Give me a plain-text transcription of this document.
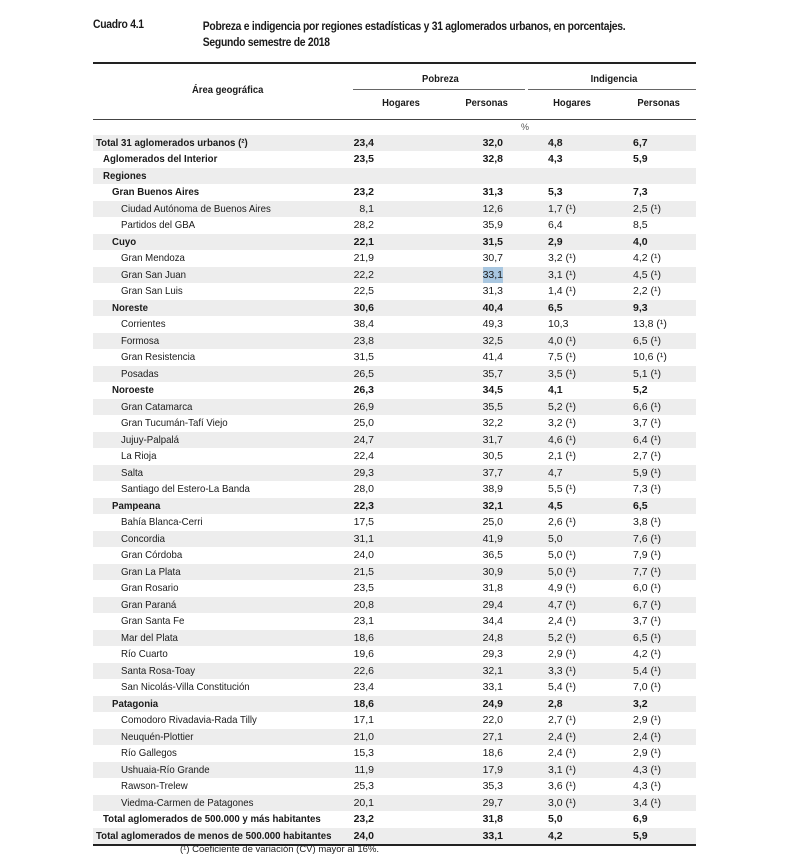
Cuadro 4.1	Pobreza e indigencia por regiones estadísticas y 31 aglomerados urbanos, en porcentajes.
Segundo semestre de 2018
Área geográfica
Pobreza	Indigencia
Hogares	Personas	Hogares	Personas
%
Total 31 aglomerados urbanos (²)	23,4	32,0	4,8	6,7
Aglomerados del Interior	23,5	32,8	4,3	5,9
Regiones
Gran Buenos Aires	23,2	31,3	5,3	7,3
Ciudad Autónoma de Buenos Aires	8,1	12,6	1,7 (¹)	2,5 (¹)
Partidos del GBA	28,2	35,9	6,4	8,5
Cuyo	22,1	31,5	2,9	4,0
Gran Mendoza	21,9	30,7	3,2 (¹)	4,2 (¹)
Gran San Juan	22,2	33,1	3,1 (¹)	4,5 (¹)
Gran San Luis	22,5	31,3	1,4 (¹)	2,2 (¹)
Noreste	30,6	40,4	6,5	9,3
Corrientes	38,4	49,3	10,3	13,8 (¹)
Formosa	23,8	32,5	4,0 (¹)	6,5 (¹)
Gran Resistencia	31,5	41,4	7,5 (¹)	10,6 (¹)
Posadas	26,5	35,7	3,5 (¹)	5,1 (¹)
Noroeste	26,3	34,5	4,1	5,2
Gran Catamarca	26,9	35,5	5,2 (¹)	6,6 (¹)
Gran Tucumán-Tafí Viejo	25,0	32,2	3,2 (¹)	3,7 (¹)
Jujuy-Palpalá	24,7	31,7	4,6 (¹)	6,4 (¹)
La Rioja	22,4	30,5	2,1 (¹)	2,7 (¹)
Salta	29,3	37,7	4,7	5,9 (¹)
Santiago del Estero-La Banda	28,0	38,9	5,5 (¹)	7,3 (¹)
Pampeana	22,3	32,1	4,5	6,5
Bahía Blanca-Cerri	17,5	25,0	2,6 (¹)	3,8 (¹)
Concordia	31,1	41,9	5,0	7,6 (¹)
Gran Córdoba	24,0	36,5	5,0 (¹)	7,9 (¹)
Gran La Plata	21,5	30,9	5,0 (¹)	7,7 (¹)
Gran Rosario	23,5	31,8	4,9 (¹)	6,0 (¹)
Gran Paraná	20,8	29,4	4,7 (¹)	6,7 (¹)
Gran Santa Fe	23,1	34,4	2,4 (¹)	3,7 (¹)
Mar del Plata	18,6	24,8	5,2 (¹)	6,5 (¹)
Río Cuarto	19,6	29,3	2,9 (¹)	4,2 (¹)
Santa Rosa-Toay	22,6	32,1	3,3 (¹)	5,4 (¹)
San Nicolás-Villa Constitución	23,4	33,1	5,4 (¹)	7,0 (¹)
Patagonia	18,6	24,9	2,8	3,2
Comodoro Rivadavia-Rada Tilly	17,1	22,0	2,7 (¹)	2,9 (¹)
Neuquén-Plottier	21,0	27,1	2,4 (¹)	2,4 (¹)
Río Gallegos	15,3	18,6	2,4 (¹)	2,9 (¹)
Ushuaia-Río Grande	11,9	17,9	3,1 (¹)	4,3 (¹)
Rawson-Trelew	25,3	35,3	3,6 (¹)	4,3 (¹)
Viedma-Carmen de Patagones	20,1	29,7	3,0 (¹)	3,4 (¹)
Total aglomerados de 500.000 y más habitantes	23,2	31,8	5,0	6,9
Total aglomerados de menos de 500.000 habitantes 24,0	33,1	4,2	5,9
(¹) Coeficiente de variación (CV) mayor al 16%.
